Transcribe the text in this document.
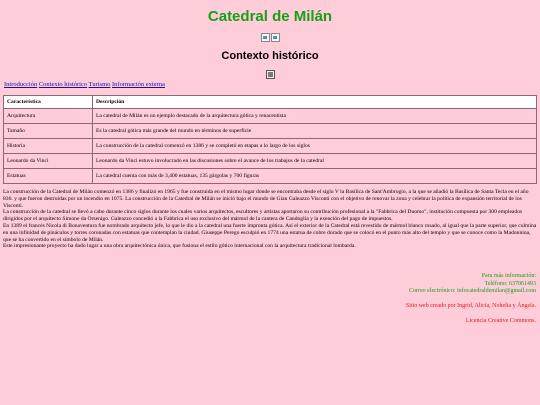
Catedral de Milán

Contexto histórico
Introducción Contexto histórico Turismo Información externa
Característica	Descripción
Arquitectura	La catedral de Milán es un ejemplo destacado de la arquitectura gótica y renacentista
Tamaño	Es la catedral gótica más grande del mundo en términos de superficie
Historia	La construcción de la catedral comenzó en 1386 y se completó en etapas a lo largo de los siglos
Leonardo da Vinci	Leonardo da Vinci estuvo involucrado en las discusiones sobre el avance de los trabajos de la catedral
Estatuas	La catedral cuenta con más de 3,400 estatuas, 135 gárgolas y 700 figuras

La construcción de la Catedral de Milán comenzó en 1386 y finalizó en 1965 y fue construida en el mismo lugar donde se encontraba desde el siglo V la Basílica de Sant'Ambrogio, a la que se añadió la Basílica de Santa Tecla en el año 836. y que fueron destruidas por un incendio en 1075. La construcción de la Catedral de Milán se inició bajo el mundo de Gian Galeazzo Visconti con el objetivo de renovar la zona y celebrar la política de expansión territorial de los Visconti.

La construcción de la catedral se llevó a cabo durante cinco siglos durante los cuales varios arquitectos, escultores y artistas aportaron su contribución profesional a la "Fabbrica del Duomo", institución compuesta por 300 empleados dirigidos por el arquitecto Simone da Orsenigo. Galeazzo concedió a la Fabbrica el uso exclusivo del mármol de la cantera de Candoglia y la exención del pago de impuestos.

En 1389 el francés Nicola di Bonaventura fue nombrado arquitecto jefe, lo que le dio a la catedral una fuerte impronta gótica. Así el exterior de la Catedral está revestido de mármol blanco rosado, al igual que la parte superior, que culmina en una infinidad de pináculos y torres coronadas con estatuas que contemplan la ciudad. Giuseppe Perego esculpió en 1774 una estatua de cobre dorado que se colocó en el punto más alto del templo y que se conoce como la Madonnina, que se ha convertido en el símbolo de Milán.

Este impresionante proyecto ha dado lugar a una obra arquitectónica única, que fusiona el estilo gótico internacional con la arquitectura tradicional lombarda.

Para más información:
Teléfono: 637061493
Correo electrónico: infocatedraldemilan@gmail.com
Sitio web creado por Ingrid, Alicia, Nohelia y Ángela.
Licencia Creative Commons.
